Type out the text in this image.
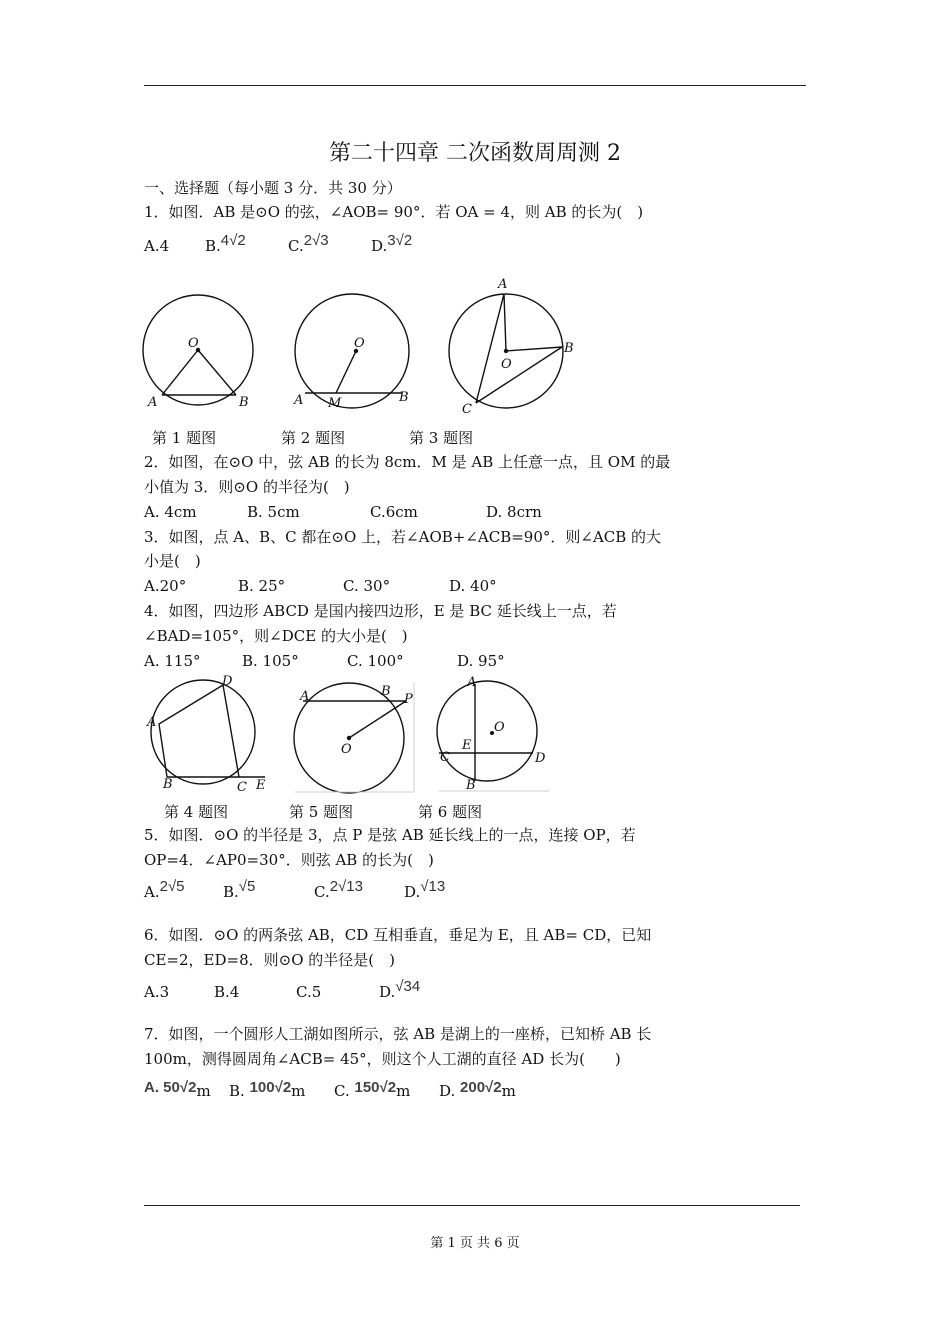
第二十四章 二次函数周周测 2
一、选择题（每小题 3 分．共 30 分）
1．如图．AB 是⊙O 的弦，∠AOB= 90°．若 OA = 4，则 AB 的长为(　)
A.4 B.4√2	C.2√3	D.3√2
O
A	B
O
A M	B
A
B
O
C
第 1 题图	第 2 题图	第 3 题图
2．如图，在⊙O 中，弦 AB 的长为 8cm．M 是 AB 上任意一点，且 OM 的最
小值为 3．则⊙O 的半径为(　)
A. 4cm	B. 5cm	C.6cm	D. 8crn
3．如图，点 A、B、C 都在⊙O 上，若∠AOB+∠ACB=90°．则∠ACB 的大
小是(　)
A.20°	B. 25°	C. 30°	D. 40°
4．如图，四边形 ABCD 是国内接四边形，E 是 BC 延长线上一点，若
∠BAD=105°，则∠DCE 的大小是(　)
A. 115°	B. 105°	C. 100°	D. 95°
D
A
B	C E
A	B
P
O
A
O
E
C	D
B
第 4 题图	第 5 题图	第 6 题图
5．如图．⊙O 的半径是 3，点 P 是弦 AB 延长线上的一点，连接 OP，若
OP=4．∠AP0=30°．则弦 AB 的长为(　)
A.2√5	B.√5	C.2√13	D.√13
6．如图．⊙O 的两条弦 AB，CD 互相垂直，垂足为 E，且 AB= CD，已知
CE=2，ED=8．则⊙O 的半径是(　)
A.3	B.4	C.5	D.√34
7．如图，一个圆形人工湖如图所示，弦 AB 是湖上的一座桥，已知桥 AB 长
100m，测得圆周角∠ACB= 45°，则这个人工湖的直径 AD 长为(　　)
A. 50√2m B. 100√2m C. 150√2m D. 200√2m
第 1 页 共 6 页
